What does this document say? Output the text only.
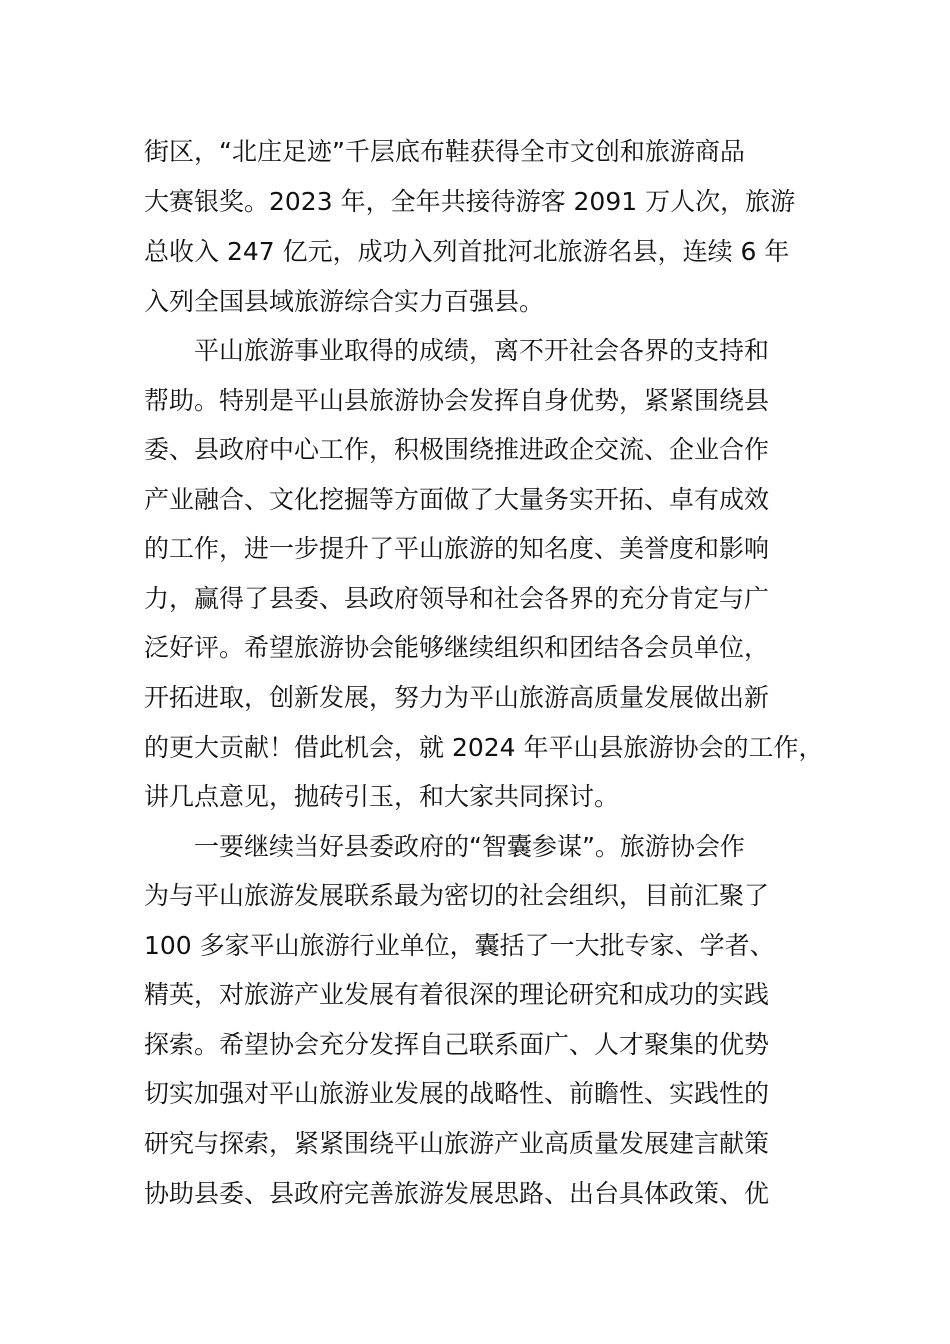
街区，“北庄足迹”千层底布鞋获得全市文创和旅游商品
大赛银奖。2023 年，全年共接待游客 2091 万人次，旅游
总收入 247 亿元，成功入列首批河北旅游名县，连续 6 年
入列全国县域旅游综合实力百强县。
平山旅游事业取得的成绩，离不开社会各界的支持和
帮助。特别是平山县旅游协会发挥自身优势，紧紧围绕县
委、县政府中心工作，积极围绕推进政企交流、企业合作
产业融合、文化挖掘等方面做了大量务实开拓、卓有成效
的工作，进一步提升了平山旅游的知名度、美誉度和影响
力，赢得了县委、县政府领导和社会各界的充分肯定与广
泛好评。希望旅游协会能够继续组织和团结各会员单位，
开拓进取，创新发展，努力为平山旅游高质量发展做出新
的更大贡献！借此机会，就 2024 年平山县旅游协会的工作，
讲几点意见，抛砖引玉，和大家共同探讨。
一要继续当好县委政府的“智囊参谋”。旅游协会作
为与平山旅游发展联系最为密切的社会组织，目前汇聚了
100 多家平山旅游行业单位，囊括了一大批专家、学者、
精英，对旅游产业发展有着很深的理论研究和成功的实践
探索。希望协会充分发挥自己联系面广、人才聚集的优势
切实加强对平山旅游业发展的战略性、前瞻性、实践性的
研究与探索，紧紧围绕平山旅游产业高质量发展建言献策
协助县委、县政府完善旅游发展思路、出台具体政策、优
